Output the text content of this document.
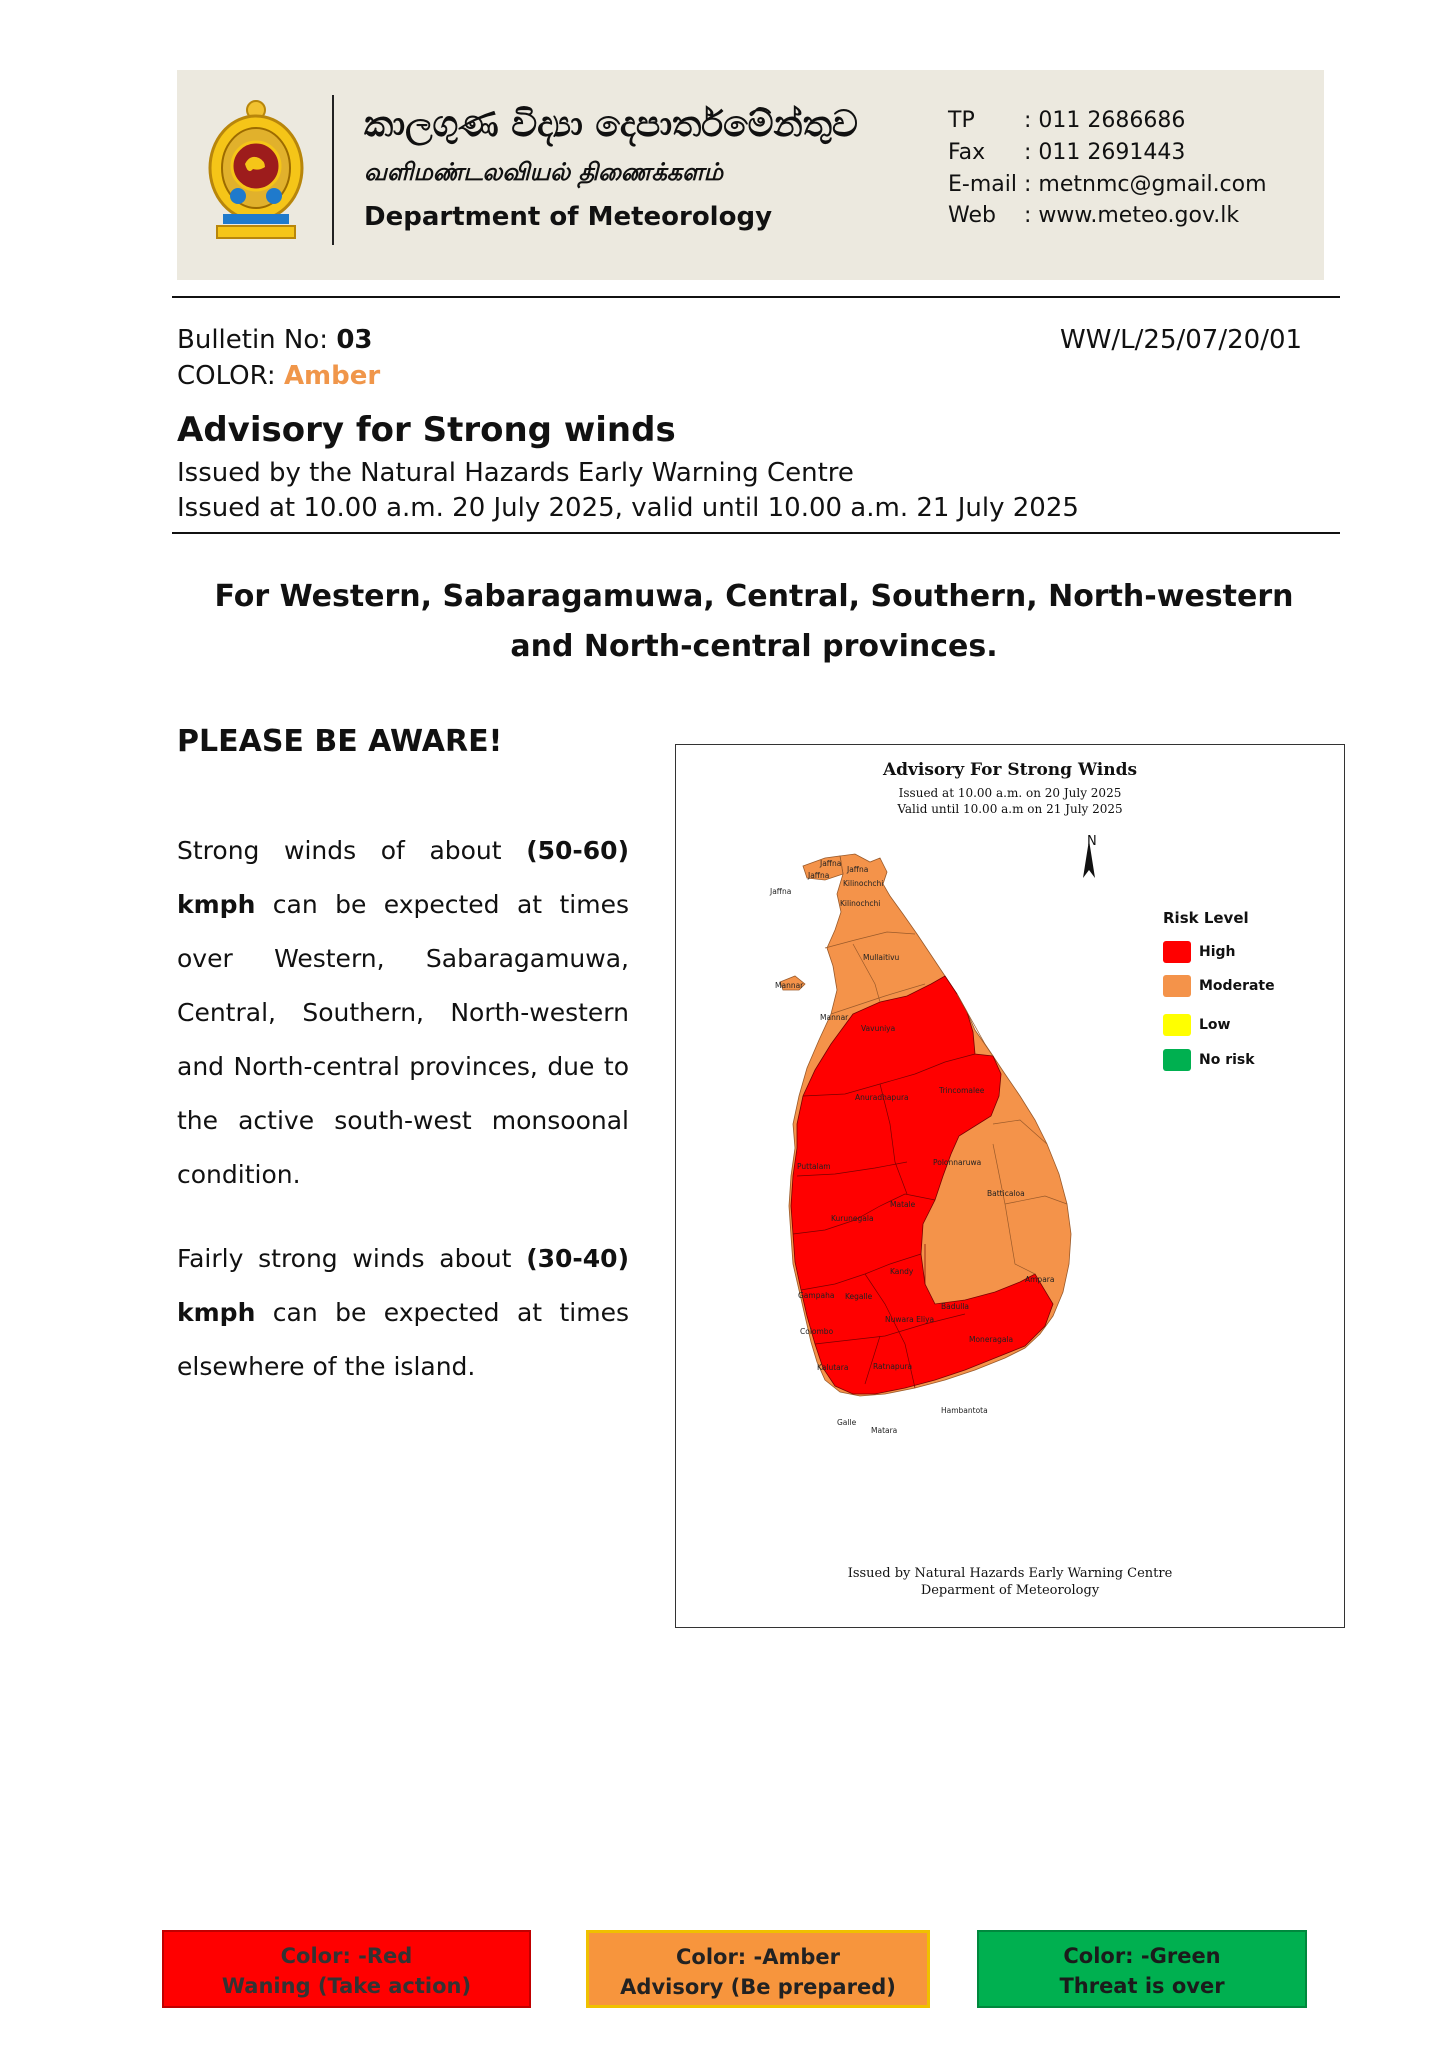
කාලගුණ විද්‍යා දෙපාර්තමේන්තුව
வளிமண்டலவியல் திணைக்களம்
Department of Meteorology
TP : 011 2686686
Fax : 011 2691443
E-mail : metnmc@gmail.com
Web : www.meteo.gov.lk
Bulletin No: 03
COLOR: Amber
WW/L/25/07/20/01
Advisory for Strong winds
Issued by the Natural Hazards Early Warning Centre
Issued at 10.00 a.m. 20 July 2025, valid until 10.00 a.m. 21 July 2025
For Western, Sabaragamuwa, Central, Southern, North-western and North-central provinces.
PLEASE BE AWARE!
Strong winds of about (50-60) kmph can be expected at times over Western, Sabaragamuwa, Central, Southern, North-western and North-central provinces, due to the active south-west monsoonal condition.
Fairly strong winds about (30-40) kmph can be expected at times elsewhere of the island.
Advisory For Strong Winds
Issued at 10.00 a.m. on 20 July 2025
Valid until 10.00 a.m on 21 July 2025
Jaffna
Jaffna
Jaffna
Jaffna
Kilinochchi
Kilinochchi
Mullaitivu
Mannar
Mannar
Vavuniya
Anuradhapura
Trincomalee
Puttalam	Polonnaruwa
Batticaloa
Matale
Kurunegala
Kandy
Ampara
Gampaha Kegalle
Badulla
Nuwara Eliya
Colombo
Moneragala
Kalutara	Ratnapura
Hambantota
Galle
Matara
N
Risk Level
High
Moderate
Low
No risk
Issued by Natural Hazards Early Warning Centre
Deparment of Meteorology
Color: -Red
Waning (Take action)
Color: -Amber
Advisory (Be prepared)
Color: -Green
Threat is over
